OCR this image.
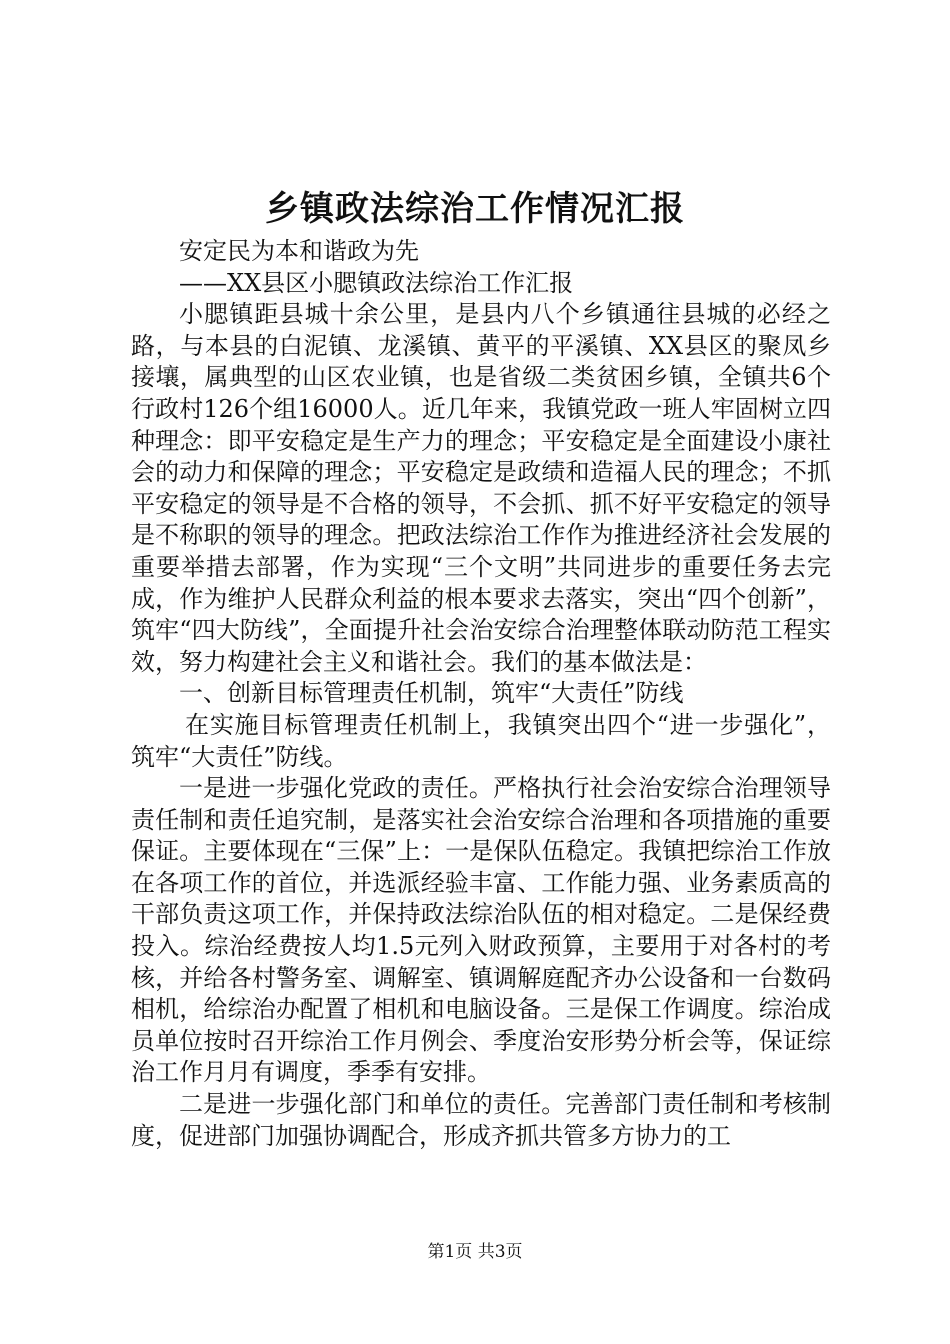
乡镇政法综治工作情况汇报

安定民为本和谐政为先

——XX县区小腮镇政法综治工作汇报

小腮镇距县城十余公里，是县内八个乡镇通往县城的必经之路，与本县的白泥镇、龙溪镇、黄平的平溪镇、XX县区的聚凤乡接壤，属典型的山区农业镇，也是省级二类贫困乡镇，全镇共6个行政村126个组16000人。近几年来，我镇党政一班人牢固树立四种理念：即平安稳定是生产力的理念；平安稳定是全面建设小康社会的动力和保障的理念；平安稳定是政绩和造福人民的理念；不抓平安稳定的领导是不合格的领导，不会抓、抓不好平安稳定的领导是不称职的领导的理念。把政法综治工作作为推进经济社会发展的重要举措去部署，作为实现“三个文明”共同进步的重要任务去完成，作为维护人民群众利益的根本要求去落实，突出“四个创新”，筑牢“四大防线”，全面提升社会治安综合治理整体联动防范工程实效，努力构建社会主义和谐社会。我们的基本做法是：

一、创新目标管理责任机制，筑牢“大责任”防线

在实施目标管理责任机制上，我镇突出四个“进一步强化”，筑牢“大责任”防线。

一是进一步强化党政的责任。严格执行社会治安综合治理领导责任制和责任追究制，是落实社会治安综合治理和各项措施的重要保证。主要体现在“三保”上：一是保队伍稳定。我镇把综治工作放在各项工作的首位，并选派经验丰富、工作能力强、业务素质高的干部负责这项工作，并保持政法综治队伍的相对稳定。二是保经费投入。综治经费按人均1.5元列入财政预算，主要用于对各村的考核，并给各村警务室、调解室、镇调解庭配齐办公设备和一台数码相机，给综治办配置了相机和电脑设备。三是保工作调度。综治成员单位按时召开综治工作月例会、季度治安形势分析会等，保证综治工作月月有调度，季季有安排。

二是进一步强化部门和单位的责任。完善部门责任制和考核制度，促进部门加强协调配合，形成齐抓共管多方协力的工

第1页 共3页
